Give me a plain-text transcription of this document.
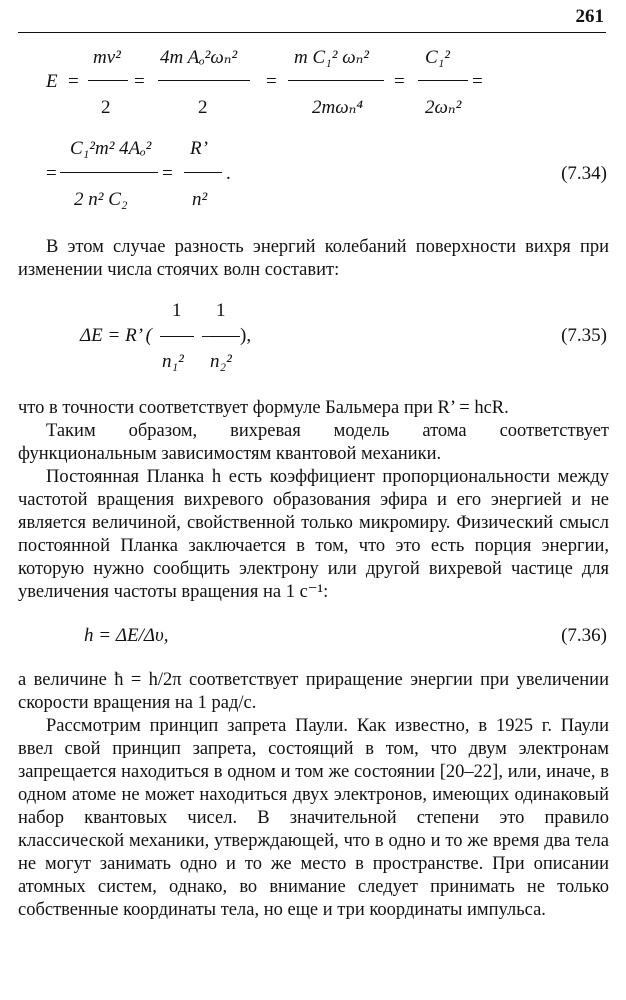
261
E =
mv²
2
=
4m Aₒ²ωₙ²
2
=
m C₁² ωₙ²
2mωₙ⁴
=
C₁²
2ωₙ²
=
=
C₁²m² 4Aₒ²
2 n² C₂
=
R’
n²
.	(7.34)

В этом случае разность энергий колебаний поверхности вихря при изменении числа стоячих волн составит:

ΔE = R’ (
1
n₁²
–
1
n₂²
),	(7.35)

что в точности соответствует формуле Бальмера при R’ = hcR.

Таким образом, вихревая модель атома соответствует функциональным зависимостям квантовой механики.

Постоянная Планка h есть коэффициент пропорциональности между частотой вращения вихревого образования эфира и его энергией и не является величиной, свойственной только микромиру. Физический смысл постоянной Планка заключается в том, что это есть порция энергии, которую нужно сообщить электрону или другой вихревой частице для увеличения частоты вращения на 1 с⁻¹:

h = ΔE/Δυ,	(7.36)

а величине ħ = h/2π соответствует приращение энергии при увеличении скорости вращения на 1 рад/с.

Рассмотрим принцип запрета Паули. Как известно, в 1925 г. Паули ввел свой принцип запрета, состоящий в том, что двум электронам запрещается находиться в одном и том же состоянии [20–22], или, иначе, в одном атоме не может находиться двух электронов, имеющих одинаковый набор квантовых чисел. В значительной степени это правило классической механики, утверждающей, что в одно и то же время два тела не могут занимать одно и то же место в пространстве. При описании атомных систем, однако, во внимание следует принимать не только собственные координаты тела, но еще и три координаты импульса.
